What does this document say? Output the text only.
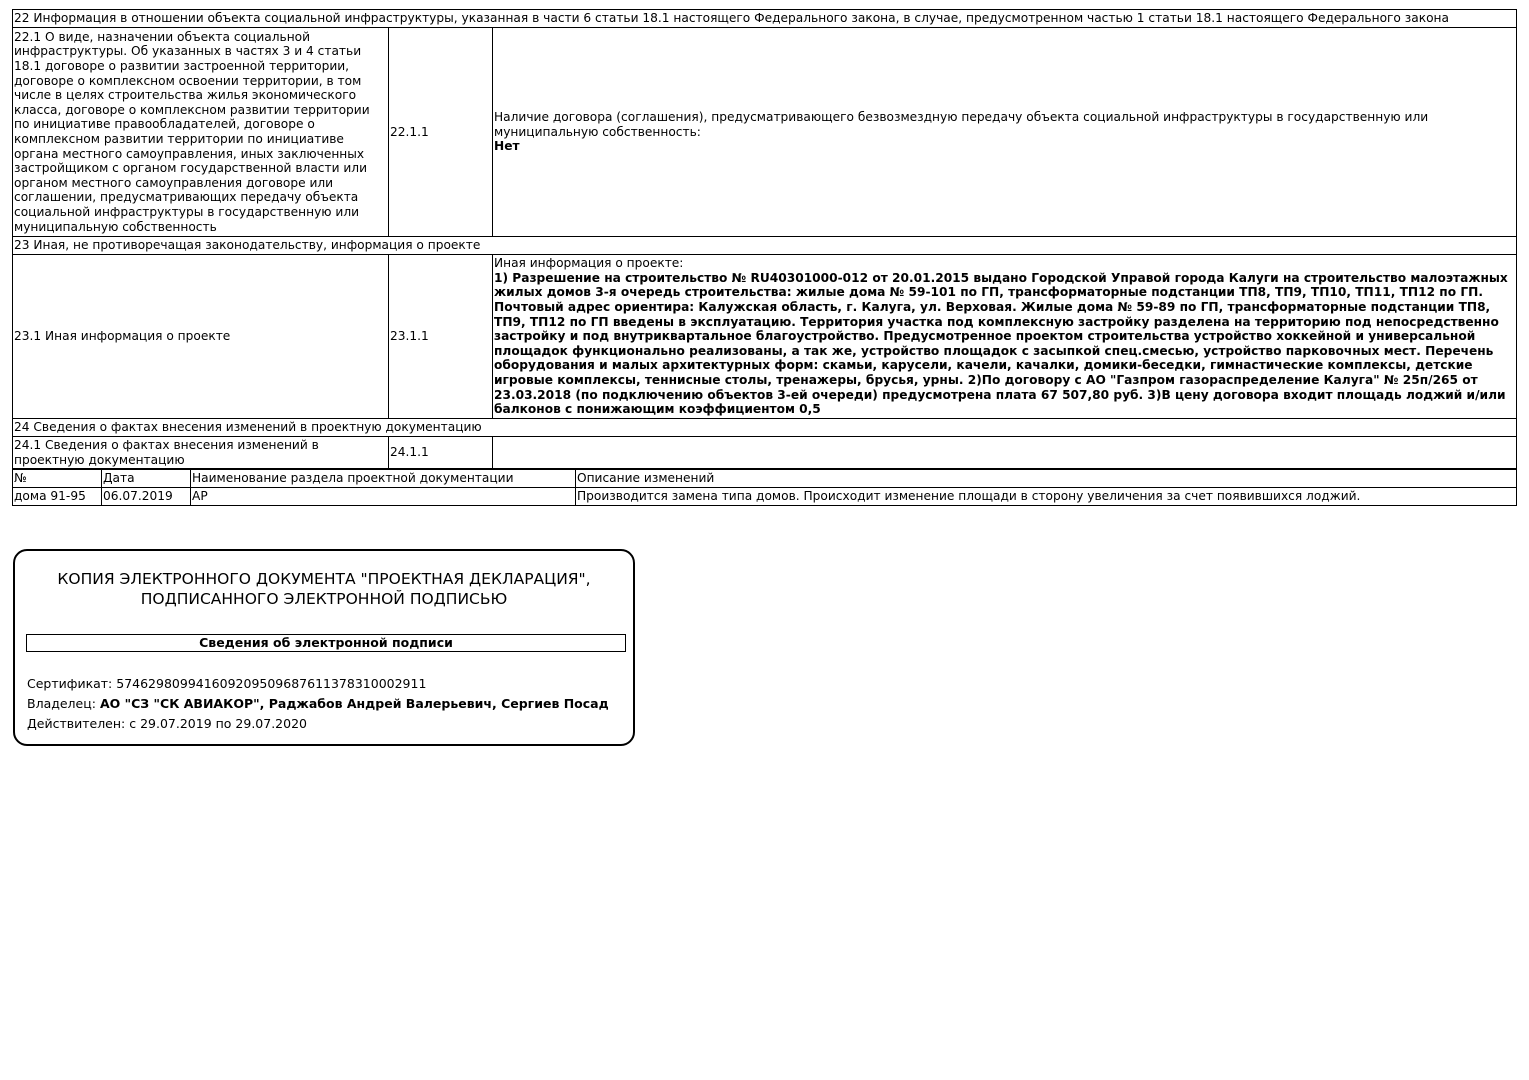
22 Информация в отношении объекта социальной инфраструктуры, указанная в части 6 статьи 18.1 настоящего Федерального закона, в случае, предусмотренном частью 1 статьи 18.1 настоящего Федерального закона		
22.1 О виде, назначении объекта социальной инфраструктуры. Об указанных в частях 3 и 4 статьи 18.1 договоре о развитии застроенной территории, договоре о комплексном освоении территории, в том числе в целях строительства жилья экономического класса, договоре о комплексном развитии территории по инициативе правообладателей, договоре о комплексном развитии территории по инициативе органа местного самоуправления, иных заключенных застройщиком с органом государственной власти или органом местного самоуправления договоре или соглашении, предусматривающих передачу объекта социальной инфраструктуры в государственную или муниципальную собственность	22.1.1	Наличие договора (соглашения), предусматривающего безвозмездную передачу объекта социальной инфраструктуры в государственную или муниципальную собственность:
Нет

23 Иная, не противоречащая законодательству, информация о проекте		
23.1 Иная информация о проекте	23.1.1	Иная информация о проекте:
1) Разрешение на строительство № RU40301000-012 от 20.01.2015 выдано Городской Управой города Калуги на строительство малоэтажных жилых домов 3-я очередь строительства: жилые дома № 59-101 по ГП, трансформаторные подстанции ТП8, ТП9, ТП10, ТП11, ТП12 по ГП. Почтовый адрес ориентира: Калужская область, г. Калуга, ул. Верховая. Жилые дома № 59-89 по ГП, трансформаторные подстанции ТП8, ТП9, ТП12 по ГП введены в эксплуатацию. Территория участка под комплексную застройку разделена на территорию под непосредственно застройку и под внутриквартальное благоустройство. Предусмотренное проектом строительства устройство хоккейной и универсальной площадок функционально реализованы, а так же, устройство площадок с засыпкой спец.смесью, устройство парковочных мест. Перечень оборудования и малых архитектурных форм: скамьи, карусели, качели, качалки, домики-беседки, гимнастические комплексы, детские игровые комплексы, теннисные столы, тренажеры, брусья, урны. 2)По договору с АО "Газпром газораспределение Калуга" № 25п/265 от 23.03.2018 (по подключению объектов 3-ей очереди) предусмотрена плата 67 507,80 руб. 3)В цену договора входит площадь лоджий и/или балконов с понижающим коэффициентом 0,5

24 Сведения о фактах внесения изменений в проектную документацию		
24.1 Сведения о фактах внесения изменений в проектную документацию	24.1.1	
№	Дата	Наименование раздела проектной документации	Описание изменений
дома 91-95	06.07.2019	АР	Производится замена типа домов. Происходит изменение площади в сторону увеличения за счет появившихся лоджий.
КОПИЯ ЭЛЕКТРОННОГО ДОКУМЕНТА "ПРОЕКТНАЯ ДЕКЛАРАЦИЯ",
ПОДПИСАННОГО ЭЛЕКТРОННОЙ ПОДПИСЬЮ
Сведения об электронной подписи
Сертификат: 574629809941609209509687611378310002911
Владелец: АО "СЗ "СК АВИАКОР", Раджабов Андрей Валерьевич, Сергиев Посад
Действителен: с 29.07.2019 по 29.07.2020
